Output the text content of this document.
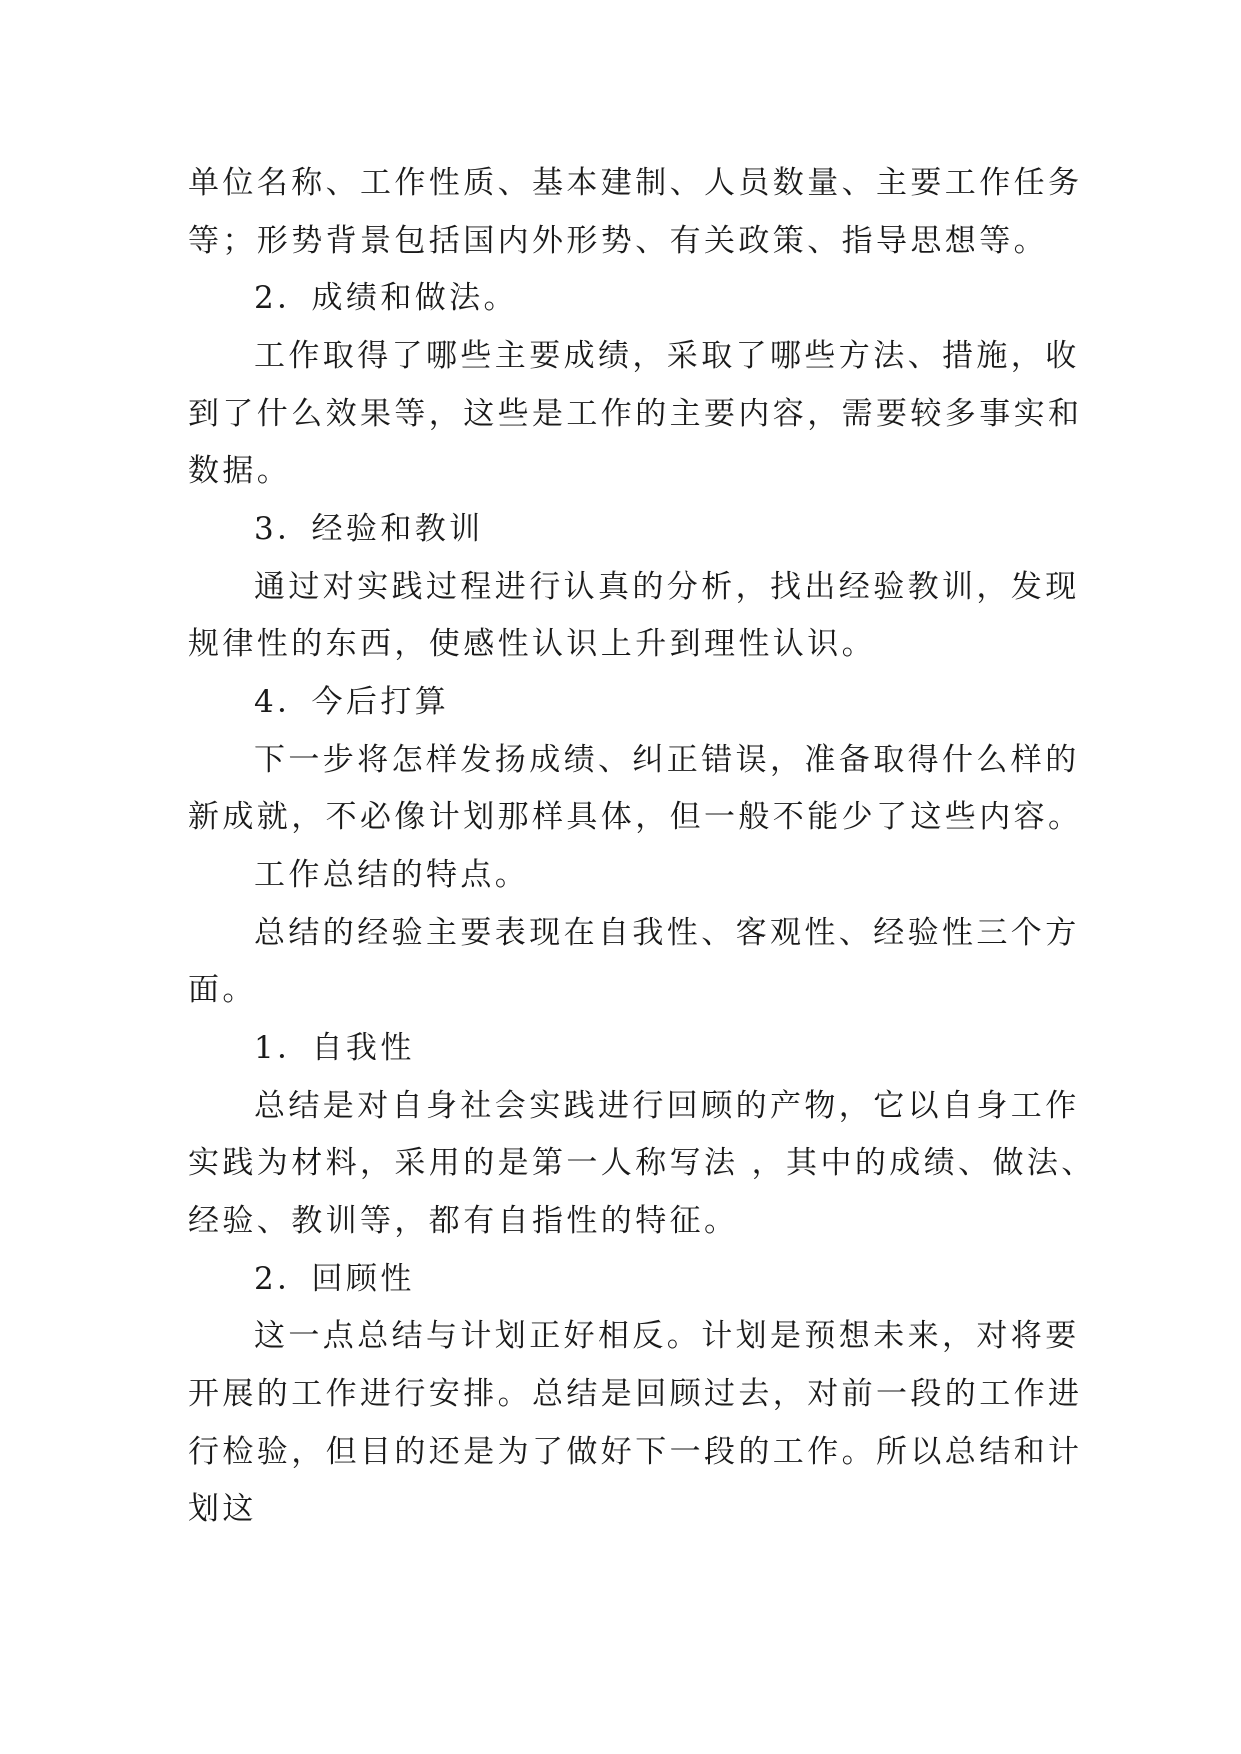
单位名称、工作性质、基本建制、人员数量、主要工作任务
等；形势背景包括国内外形势、有关政策、指导思想等。
2．成绩和做法。
工作取得了哪些主要成绩，采取了哪些方法、措施，收
到了什么效果等，这些是工作的主要内容，需要较多事实和
数据。
3．经验和教训
通过对实践过程进行认真的分析，找出经验教训，发现
规律性的东西，使感性认识上升到理性认识。
4．今后打算
下一步将怎样发扬成绩、纠正错误，准备取得什么样的
新成就，不必像计划那样具体，但一般不能少了这些内容。
工作总结的特点。
总结的经验主要表现在自我性、客观性、经验性三个方
面。
1．自我性
总结是对自身社会实践进行回顾的产物，它以自身工作
实践为材料，采用的是第一人称写法 ，其中的成绩、做法、
经验、教训等，都有自指性的特征。
2．回顾性
这一点总结与计划正好相反。计划是预想未来，对将要
开展的工作进行安排。总结是回顾过去，对前一段的工作进
行检验，但目的还是为了做好下一段的工作。所以总结和计
划这
